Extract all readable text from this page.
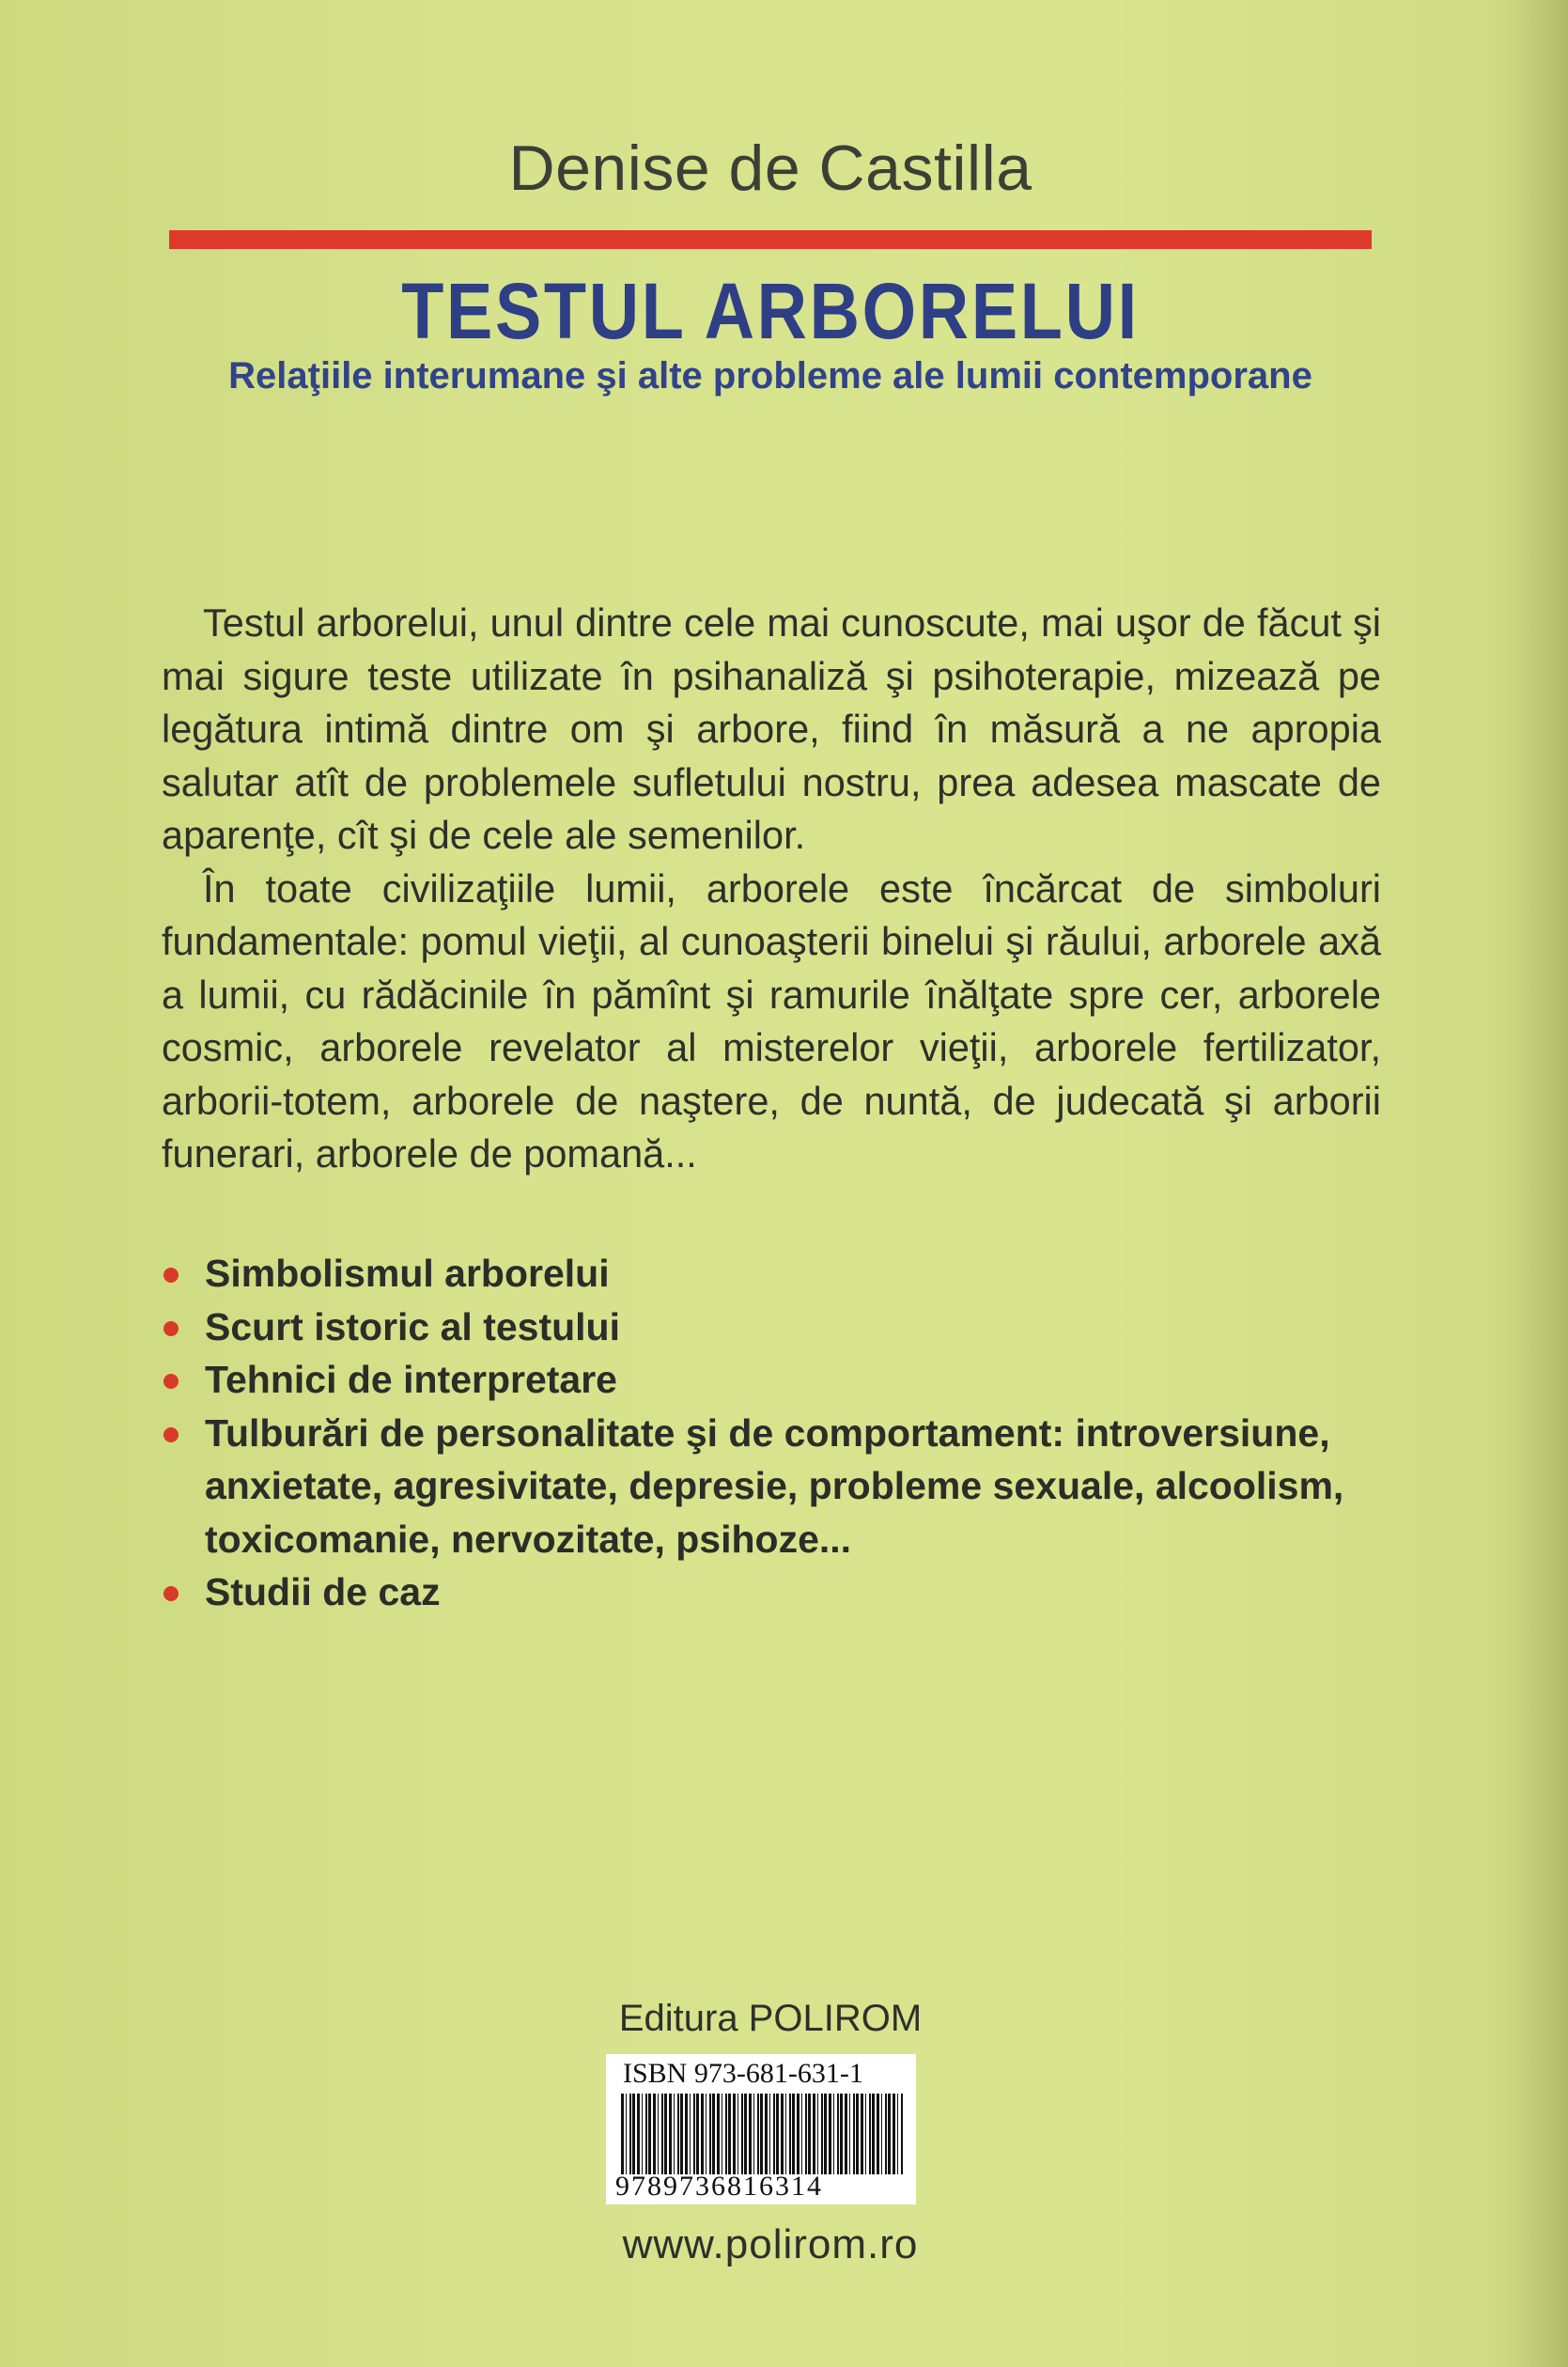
Denise de Castilla
TESTUL ARBORELUI
Relaţiile interumane şi alte probleme ale lumii contemporane

Testul arborelui, unul dintre cele mai cunoscute, mai uşor de făcut şi mai sigure teste utilizate în psihanaliză şi psihoterapie, mizează pe legătura intimă dintre om şi arbore, fiind în măsură a ne apropia salutar atît de problemele sufletului nostru, prea adesea mascate de aparenţe, cît şi de cele ale semenilor.

În toate civilizaţiile lumii, arborele este încărcat de simboluri fundamentale: pomul vieţii, al cunoaşterii binelui şi răului, arborele axă a lumii, cu rădăcinile în pămînt şi ramurile înălţate spre cer, arborele cosmic, arborele revelator al misterelor vieţii, arborele fertilizator, arborii-totem, arborele de naştere, de nuntă, de judecată şi arborii funerari, arborele de pomană...

Simbolismul arborelui
Scurt istoric al testului
Tehnici de interpretare
Tulburări de personalitate şi de comportament: introversiune, anxietate, agresivitate, depresie, probleme sexuale, alcoolism, toxicomanie, nervozitate, psihoze...
Studii de caz
Editura POLIROM
ISBN 973-681-631-1
9789736816314
www.polirom.ro
